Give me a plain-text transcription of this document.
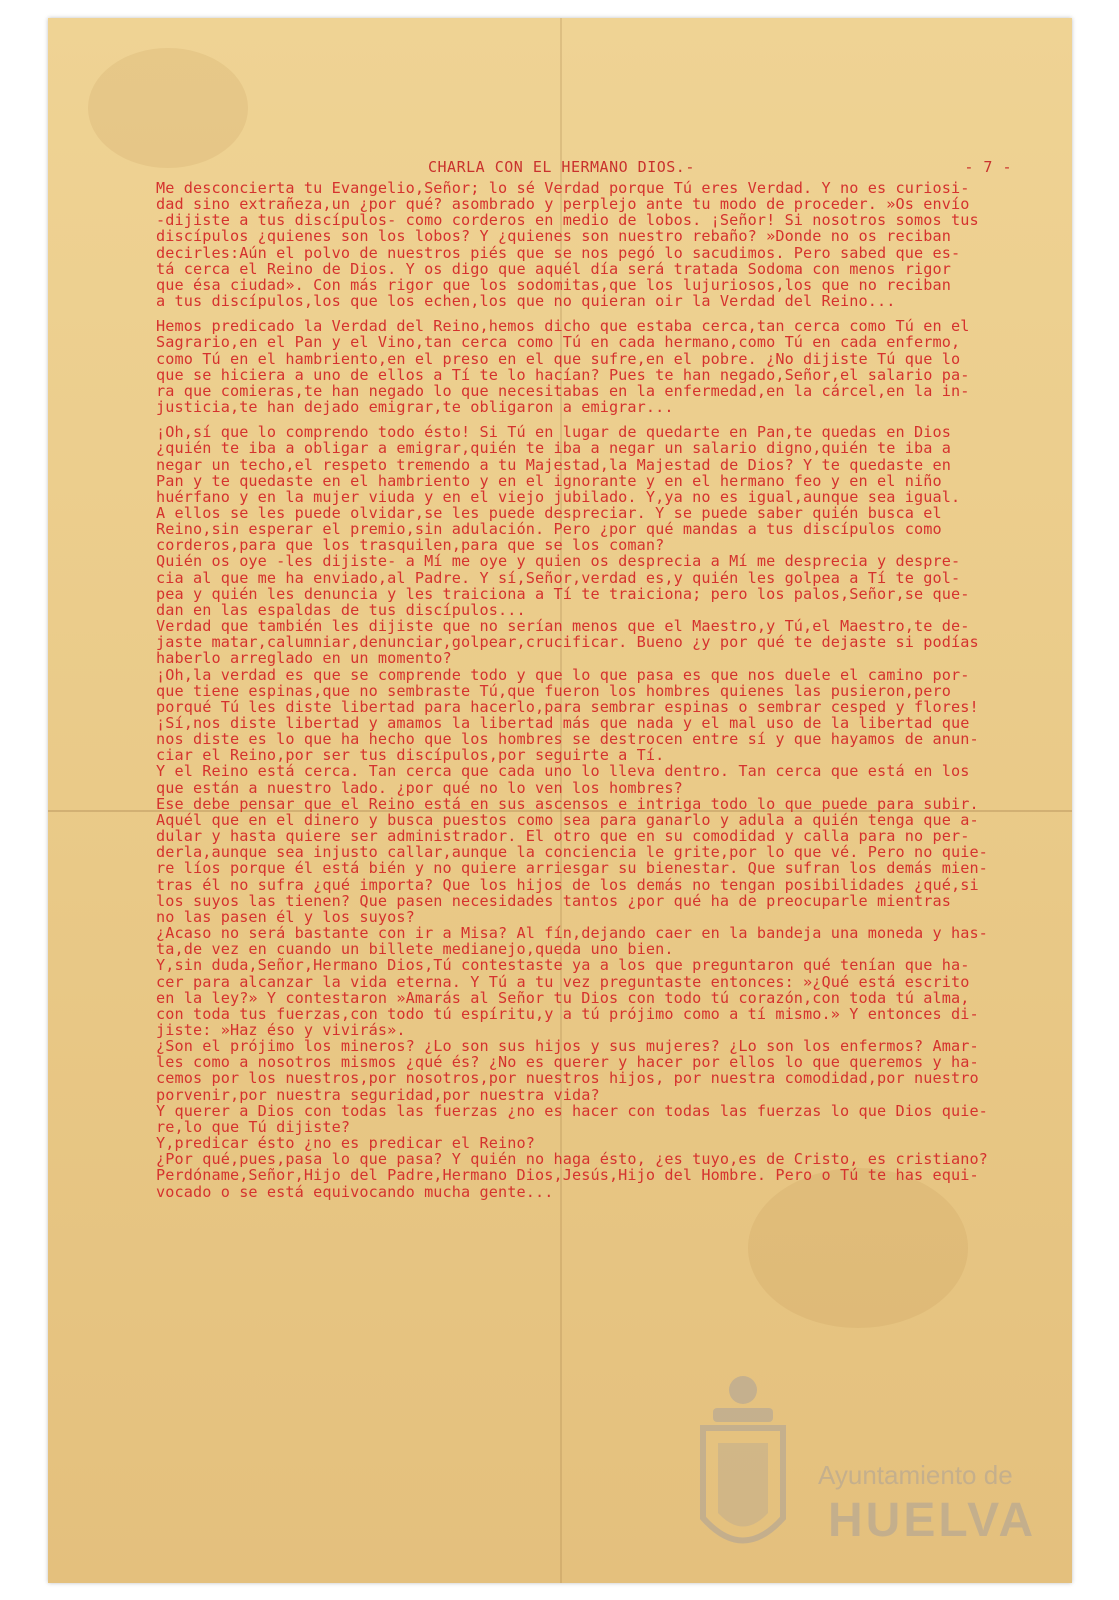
CHARLA CON EL HERMANO DIOS.-	- 7 -

Me desconcierta tu Evangelio,Señor; lo sé Verdad porque Tú eres Verdad. Y no es curiosi-
dad sino extrañeza,un ¿por qué? asombrado y perplejo ante tu modo de proceder. »Os envío
-dijiste a tus discípulos- como corderos en medio de lobos. ¡Señor! Si nosotros somos tus
discípulos ¿quienes son los lobos? Y ¿quienes son nuestro rebaño? »Donde no os reciban
decirles:Aún el polvo de nuestros piés que se nos pegó lo sacudimos. Pero sabed que es-
tá cerca el Reino de Dios. Y os digo que aquél día será tratada Sodoma con menos rigor
que ésa ciudad». Con más rigor que los sodomitas,que los lujuriosos,los que no reciban
a tus discípulos,los que los echen,los que no quieran oir la Verdad del Reino...

Hemos predicado la Verdad del Reino,hemos dicho que estaba cerca,tan cerca como Tú en el
Sagrario,en el Pan y el Vino,tan cerca como Tú en cada hermano,como Tú en cada enfermo,
como Tú en el hambriento,en el preso en el que sufre,en el pobre. ¿No dijiste Tú que lo
que se hiciera a uno de ellos a Tí te lo hacían? Pues te han negado,Señor,el salario pa-
ra que comieras,te han negado lo que necesitabas en la enfermedad,en la cárcel,en la in-
justicia,te han dejado emigrar,te obligaron a emigrar...

¡Oh,sí que lo comprendo todo ésto! Si Tú en lugar de quedarte en Pan,te quedas en Dios
¿quién te iba a obligar a emigrar,quién te iba a negar un salario digno,quién te iba a
negar un techo,el respeto tremendo a tu Majestad,la Majestad de Dios? Y te quedaste en
Pan y te quedaste en el hambriento y en el ignorante y en el hermano feo y en el niño
huérfano y en la mujer viuda y en el viejo jubilado. Y,ya no es igual,aunque sea igual.
A ellos se les puede olvidar,se les puede despreciar. Y se puede saber quién busca el
Reino,sin esperar el premio,sin adulación. Pero ¿por qué mandas a tus discípulos como
corderos,para que los trasquilen,para que se los coman?
Quién os oye -les dijiste- a Mí me oye y quien os desprecia a Mí me desprecia y despre-
cia al que me ha enviado,al Padre. Y sí,Señor,verdad es,y quién les golpea a Tí te gol-
pea y quién les denuncia y les traiciona a Tí te traiciona; pero los palos,Señor,se que-
dan en las espaldas de tus discípulos...
Verdad que también les dijiste que no serían menos que el Maestro,y Tú,el Maestro,te de-
jaste matar,calumniar,denunciar,golpear,crucificar. Bueno ¿y por qué te dejaste si podías
haberlo arreglado en un momento?
¡Oh,la verdad es que se comprende todo y que lo que pasa es que nos duele el camino por-
que tiene espinas,que no sembraste Tú,que fueron los hombres quienes las pusieron,pero
porqué Tú les diste libertad para hacerlo,para sembrar espinas o sembrar cesped y flores!
¡Sí,nos diste libertad y amamos la libertad más que nada y el mal uso de la libertad que
nos diste es lo que ha hecho que los hombres se destrocen entre sí y que hayamos de anun-
ciar el Reino,por ser tus discípulos,por seguirte a Tí.
Y el Reino está cerca. Tan cerca que cada uno lo lleva dentro. Tan cerca que está en los
que están a nuestro lado. ¿por qué no lo ven los hombres?
Ese debe pensar que el Reino está en sus ascensos e intriga todo lo que puede para subir.
Aquél que en el dinero y busca puestos como sea para ganarlo y adula a quién tenga que a-
dular y hasta quiere ser administrador. El otro que en su comodidad y calla para no per-
derla,aunque sea injusto callar,aunque la conciencia le grite,por lo que vé. Pero no quie-
re líos porque él está bién y no quiere arriesgar su bienestar. Que sufran los demás mien-
tras él no sufra ¿qué importa? Que los hijos de los demás no tengan posibilidades ¿qué,si
los suyos las tienen? Que pasen necesidades tantos ¿por qué ha de preocuparle mientras
no las pasen él y los suyos?
¿Acaso no será bastante con ir a Misa? Al fín,dejando caer en la bandeja una moneda y has-
ta,de vez en cuando un billete medianejo,queda uno bien.
Y,sin duda,Señor,Hermano Dios,Tú contestaste ya a los que preguntaron qué tenían que ha-
cer para alcanzar la vida eterna. Y Tú a tu vez preguntaste entonces: »¿Qué está escrito
en la ley?» Y contestaron »Amarás al Señor tu Dios con todo tú corazón,con toda tú alma,
con toda tus fuerzas,con todo tú espíritu,y a tú prójimo como a tí mismo.» Y entonces di-
jiste: »Haz éso y vivirás».
¿Son el prójimo los mineros? ¿Lo son sus hijos y sus mujeres? ¿Lo son los enfermos? Amar-
les como a nosotros mismos ¿qué és? ¿No es querer y hacer por ellos lo que queremos y ha-
cemos por los nuestros,por nosotros,por nuestros hijos, por nuestra comodidad,por nuestro
porvenir,por nuestra seguridad,por nuestra vida?
Y querer a Dios con todas las fuerzas ¿no es hacer con todas las fuerzas lo que Dios quie-
re,lo que Tú dijiste?
Y,predicar ésto ¿no es predicar el Reino?
¿Por qué,pues,pasa lo que pasa? Y quién no haga ésto, ¿es tuyo,es de Cristo, es cristiano?
Perdóname,Señor,Hijo del Padre,Hermano Dios,Jesús,Hijo del Hombre. Pero o Tú te has equi-
vocado o se está equivocando mucha gente...

Ayuntamiento de
HUELVA
